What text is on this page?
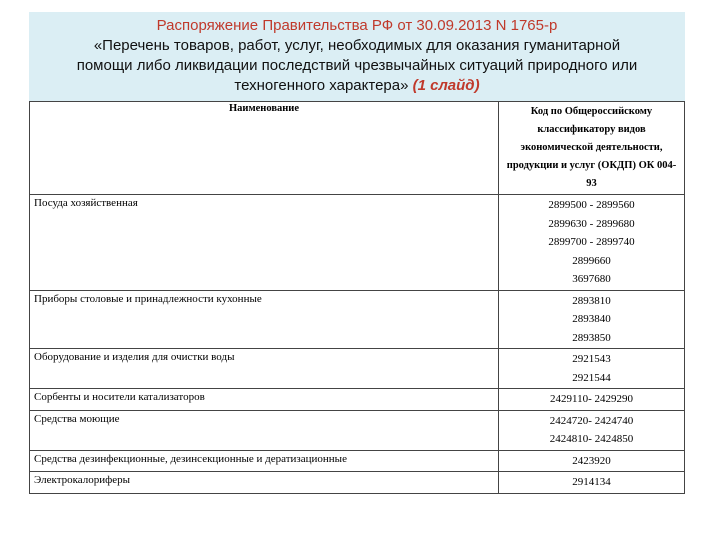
Распоряжение Правительства РФ от 30.09.2013 N 1765-р
«Перечень товаров, работ, услуг, необходимых для оказания гуманитарной
помощи либо ликвидации последствий чрезвычайных ситуаций природного или
техногенного характера» (1 слайд)
Наименование	Код по Общероссийскому классификатору видов экономической деятельности, продукции и услуг (ОКДП) ОК 004-93
Посуда хозяйственная	2899500 - 2899560
2899630 - 2899680
2899700 - 2899740
2899660
3697680

Приборы столовые и принадлежности кухонные	2893810
2893840
2893850

Оборудование и изделия для очистки воды	2921543
2921544

Сорбенты и носители катализаторов	2429110- 2429290

Средства моющие	2424720- 2424740
2424810- 2424850

Средства дезинфекционные, дезинсекционные и дератизационные	2423920

Электрокалориферы	2914134
